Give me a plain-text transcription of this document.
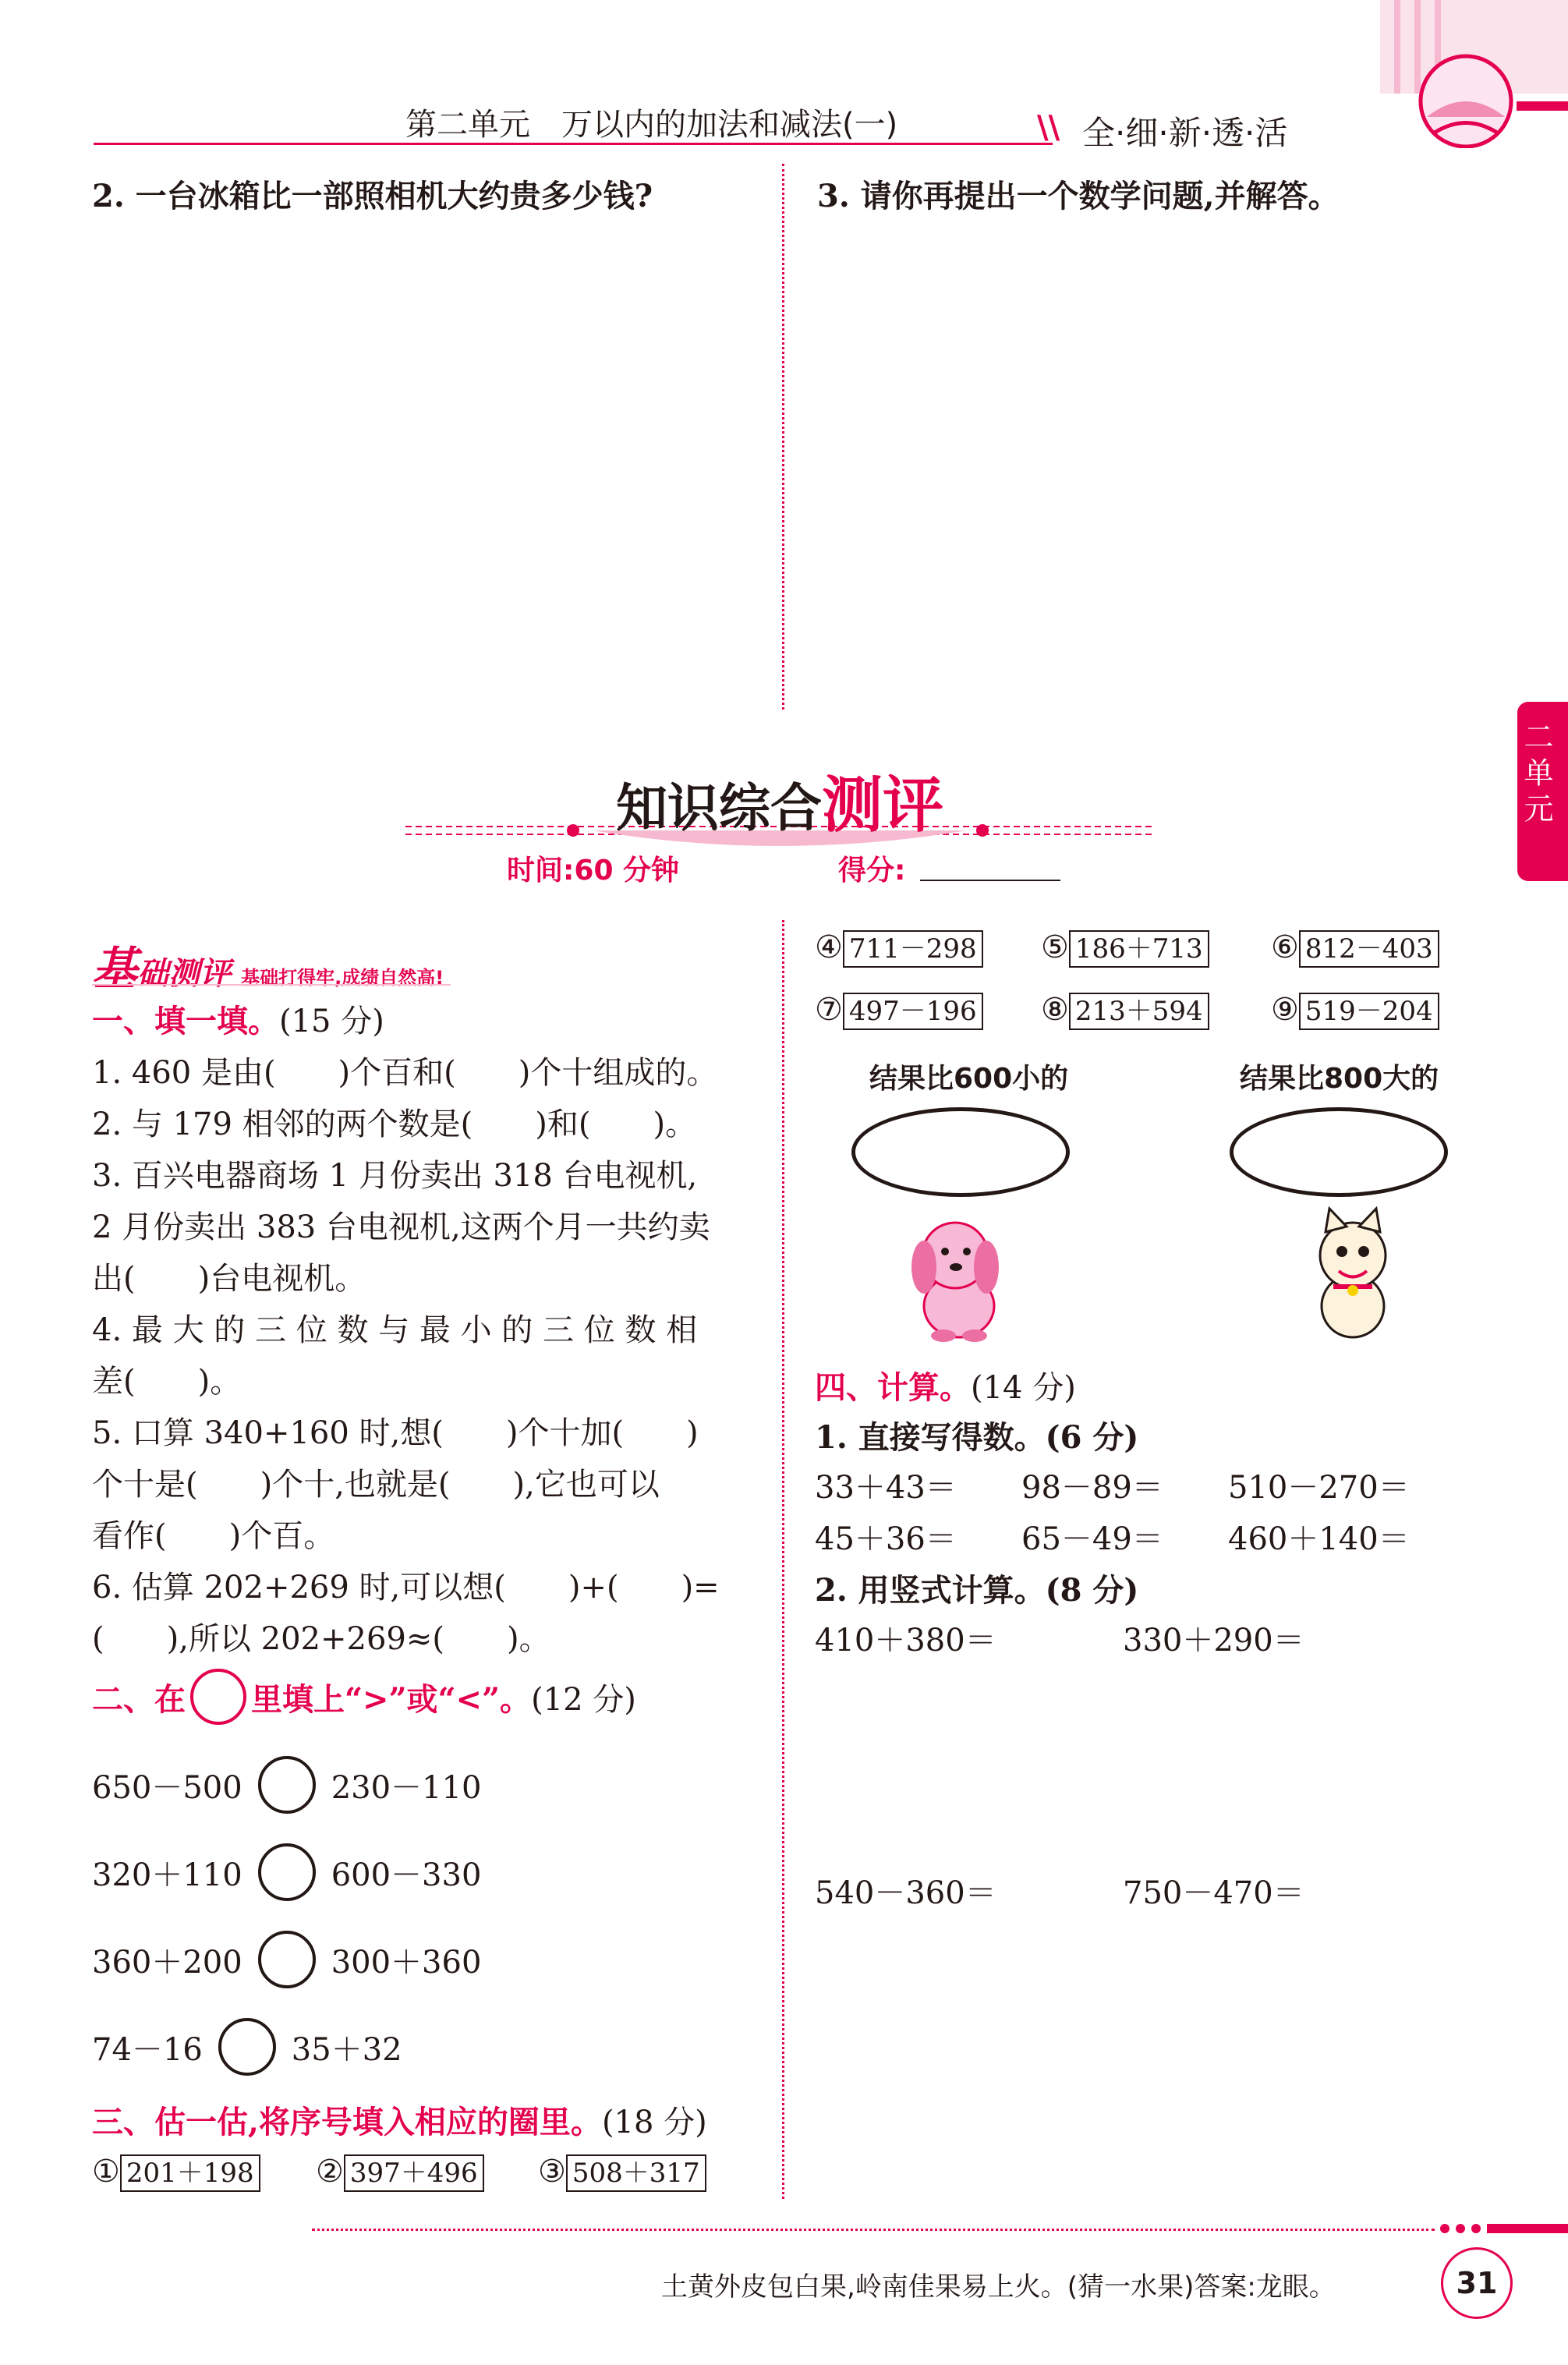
第二单元　万以内的加法和减法(一)	\\ 全·细·新·透·活
2. 一台冰箱比一部照相机大约贵多少钱?	3. 请你再提出一个数学问题,并解答。
二单元
知识综合测评
时间:60 分钟	得分:
基础测评 基础打得牢,成绩自然高!
一、填一填。(15 分)
1. 460 是由(　　)个百和(　　)个十组成的。
2. 与 179 相邻的两个数是(　　)和(　　)。
3. 百兴电器商场 1 月份卖出 318 台电视机,
2 月份卖出 383 台电视机,这两个月一共约卖
出(　　)台电视机。
4. 最 大 的 三 位 数 与 最 小 的 三 位 数 相
差(　　)。
5. 口算 340+160 时,想(　　)个十加(　　)
个十是(　　)个十,也就是(　　),它也可以
看作(　　)个百。
6. 估算 202+269 时,可以想(　　)+(　　)=
(　　),所以 202+269≈(　　)。
二、在 里填上“>”或“<”。 (12 分)
650－500	230－110
320＋110	600－330
360＋200	300＋360
74－16	35＋32
三、估一估,将序号填入相应的圈里。(18 分)
① 201＋198 ② 397＋496 ③ 508＋317
④ 711－298 ⑤ 186＋713 ⑥ 812－403
⑦ 497－196 ⑧ 213＋594 ⑨ 519－204
结果比600小的	结果比800大的
四、计算。(14 分)
1. 直接写得数。(6 分)
33＋43＝ 98－89＝ 510－270＝
45＋36＝ 65－49＝ 460＋140＝
2. 用竖式计算。(8 分)
410＋380＝	330＋290＝
540－360＝	750－470＝
土黄外皮包白果,岭南佳果易上火。(猜一水果)答案:龙眼。	31
